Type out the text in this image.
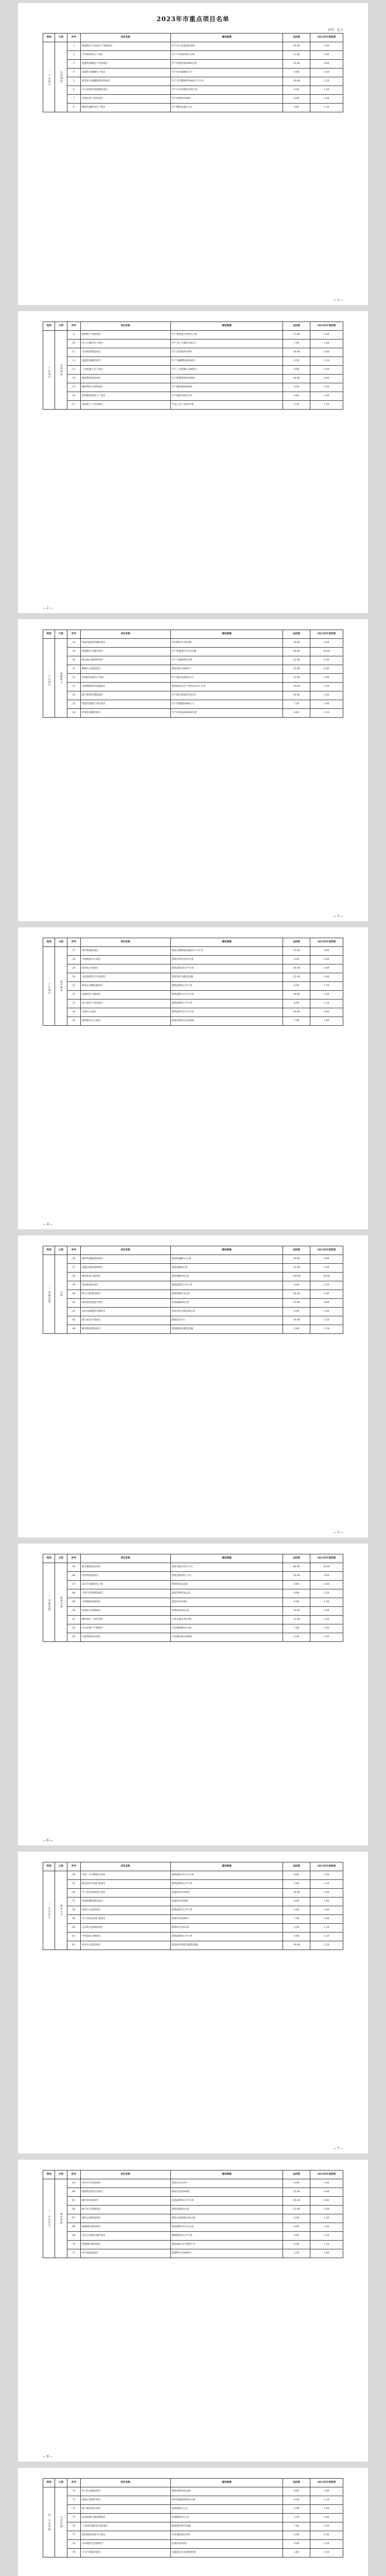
2023年市重点项目名单
单位：亿元
类别	分类	序号	项目名称	建设规模	总投资	2023年计划投资

一、产业项目	先进制造	1	新能源动力电池生产基地项目	年产动力电池20GWh	30.00	5.00
		2	半导体材料生产项目	年产半导体材料1万吨	12.00	3.00
		3	智能装备制造产业园项目	年产智能装备2000台套	15.00	4.00
		4	高端医疗器械生产项目	年产医疗器械5万台	8.00	2.00
		5	新型显示面板配套材料项目	年产光学膜材料3000万平方米	10.00	2.50
		6	汽车零部件智能制造项目	年产汽车零部件200万件	6.00	1.50
		7	生物医药产业化项目	年产原料药500吨	9.00	2.00
		8	精密仪器研发生产项目	年产精密仪器1万台	5.00	1.20
— 1 —
类别	分类	序号	项目名称	建设规模	总投资	2023年计划投资

一、产业项目	先进制造	9	新材料产业园项目	年产新型复合材料2万吨	11.00	3.00
		10	电子元器件生产项目	年产电子元器件10亿只	7.00	1.80
		11	光伏组件制造项目	年产光伏组件5GW	20.00	5.00
		12	氢能装备制造项目	年产电解槽设备500台	6.50	1.50
		13	工业机器人生产项目	年产工业机器人5000台	8.00	2.00
		14	储能系统集成项目	年产储能系统10GWh	16.00	4.00
		15	碳纤维复合材料项目	年产碳纤维5000吨	9.50	2.50
		16	纺织服装智能工厂项目	年产服装1000万件	4.00	1.00
		17	食品加工产业园项目	年加工农产品20万吨	5.50	1.50
— 2 —
类别	分类	序号	项目名称	建设规模	总投资	2023年计划投资

一、产业项目	战略新兴	18	集成电路封装测试项目	年封测芯片30亿颗	18.00	4.50
		19	新能源汽车整车项目	年产新能源汽车10万辆	50.00	10.00
		20	锂电池正极材料项目	年产正极材料5万吨	22.00	6.00
		21	数据中心建设项目	建设机柜10000个	25.00	6.00
		22	5G通信设备生产项目	年产通信设备50万台	12.00	3.00
		23	生物制药研发基地项目	建设研发及生产用房10万平方米	14.00	3.50
		24	航空零部件制造项目	年产航空零部件10万件	10.00	2.50
		25	智能传感器产业化项目	年产传感器5000万只	7.50	2.00
		26	环保装备制造项目	年产环保设备3000台套	6.00	1.50
— 3 —
类别	分类	序号	项目名称	建设规模	总投资	2023年计划投资

一、产业项目	现代服务	27	现代物流园项目	建设仓储物流设施20万平方米	15.00	4.00
		28	冷链物流中心项目	建设冷库库容10万吨	8.00	2.00
		29	商业综合体项目	建筑面积30万平方米	20.00	5.00
		30	文化旅游综合开发项目	建设景区及配套设施	25.00	5.00
		31	科技企业孵化器项目	建筑面积8万平方米	6.00	1.50
		32	总部经济大楼项目	建筑面积12万平方米	10.00	2.50
		33	电子商务产业园项目	建筑面积6万平方米	4.50	1.20
		34	会展中心项目	建筑面积15万平方米	18.00	4.00
		35	康养服务中心项目	建设养老床位2000张	7.00	1.80
— 4 —
类别	分类	序号	项目名称	建设规模	总投资	2023年计划投资

二、基础设施	交通	36	城市快速路建设项目	建设快速路12公里	30.00	8.00
		37	高速公路连接线项目	建设道路8公里	12.00	3.00
		38	城市轨道交通项目	建设线路20公里	120.00	20.00
		39	客运枢纽站项目	建筑面积5万平方米	9.00	2.50
		40	跨江大桥建设项目	建设桥梁3.5公里	28.00	6.00
		41	国省道改造提升项目	改造道路40公里	15.00	4.00
		42	农村公路提档升级项目	改造农村公路200公里	6.00	2.00
		43	港口码头扩建项目	新建泊位4个	16.00	3.50
		44	通用机场建设项目	建设跑道及配套设施	5.00	1.50
— 5 —
类别	分类	序号	项目名称	建设规模	总投资	2023年计划投资

二、基础设施	能源水利	45	抽水蓄能电站项目	装机容量120万千瓦	80.00	10.00
		46	风电场建设项目	装机容量20万千瓦	14.00	4.00
		47	220千伏输变电工程	新建变电站2座	6.00	2.00
		48	天然气管网建设项目	建设管网150公里	8.00	2.50
		49	水库除险加固项目	加固水库10座	4.00	1.50
		50	河道综合治理项目	治理河道30公里	10.00	3.00
		51	城乡供水一体化项目	日供水能力20万吨	12.00	3.50
		52	污水处理厂扩建项目	日处理规模10万吨	7.00	2.00
		53	垃圾焚烧发电项目	日处理垃圾1500吨	9.00	2.50
— 6 —
类别	分类	序号	项目名称	建设规模	总投资	2023年计划投资

三、社会民生	教育卫生	54	市第一中学新校区项目	建筑面积10万平方米	8.00	2.50
		55	职业技术学院扩建项目	建筑面积6万平方米	5.00	1.50
		56	市人民医院新院区项目	设置床位1500张	20.00	5.00
		57	妇幼保健院建设项目	设置床位500张	6.00	1.80
		58	疾控中心建设项目	建筑面积3万平方米	3.00	1.00
		59	中小学校舍改扩建项目	新增学位6000个	7.00	2.00
		60	公办幼儿园建设项目	新建幼儿园12所	3.50	1.20
		61	中医院综合楼项目	建筑面积4万平方米	4.00	1.20
		62	体育中心建设项目	建设体育场馆及配套设施	10.00	2.50
— 7 —
类别	分类	序号	项目名称	建设规模	总投资	2023年计划投资

三、社会民生	城市更新	63	老旧小区改造项目	改造小区120个	9.00	3.00
		64	保障性租赁住房项目	建设住房5000套	15.00	4.00
		65	城中村改造项目	改造面积50万平方米	40.00	8.00
		66	地下综合管廊项目	建设管廊10公里	12.00	3.00
		67	城市公园建设项目	建设公园绿地100公顷	5.00	1.50
		68	海绵城市建设项目	建设面积15平方公里	8.00	2.00
		69	历史文化街区保护项目	修缮建筑3万平方米	6.00	1.50
		70	智慧城市建设项目	建设城市运行管理平台	4.00	1.20
		71	停车场建设项目	新增停车位8000个	3.50	1.00
— 8 —
类别	分类	序号	项目名称	建设规模	总投资	2023年计划投资

四、生态环保	生态治理	72	矿山生态修复项目	修复面积500公顷	6.00	1.80
		73	湿地公园保护项目	保护湿地面积800公顷	4.50	1.20
		74	国土绿化提升项目	造林面积2万亩	3.00	1.00
		75	农业面源污染治理项目	治理面积10万亩	2.50	0.80
		76	工业园区循环化改造项目	建设循环经济设施	7.00	2.00
		77	危险废物处置中心项目	年处置危废5万吨	5.00	1.50
		78	水环境综合治理项目	治理水体20处	9.00	2.50
		79	大气污染防治项目	实施重点企业深度治理	3.00	1.00
